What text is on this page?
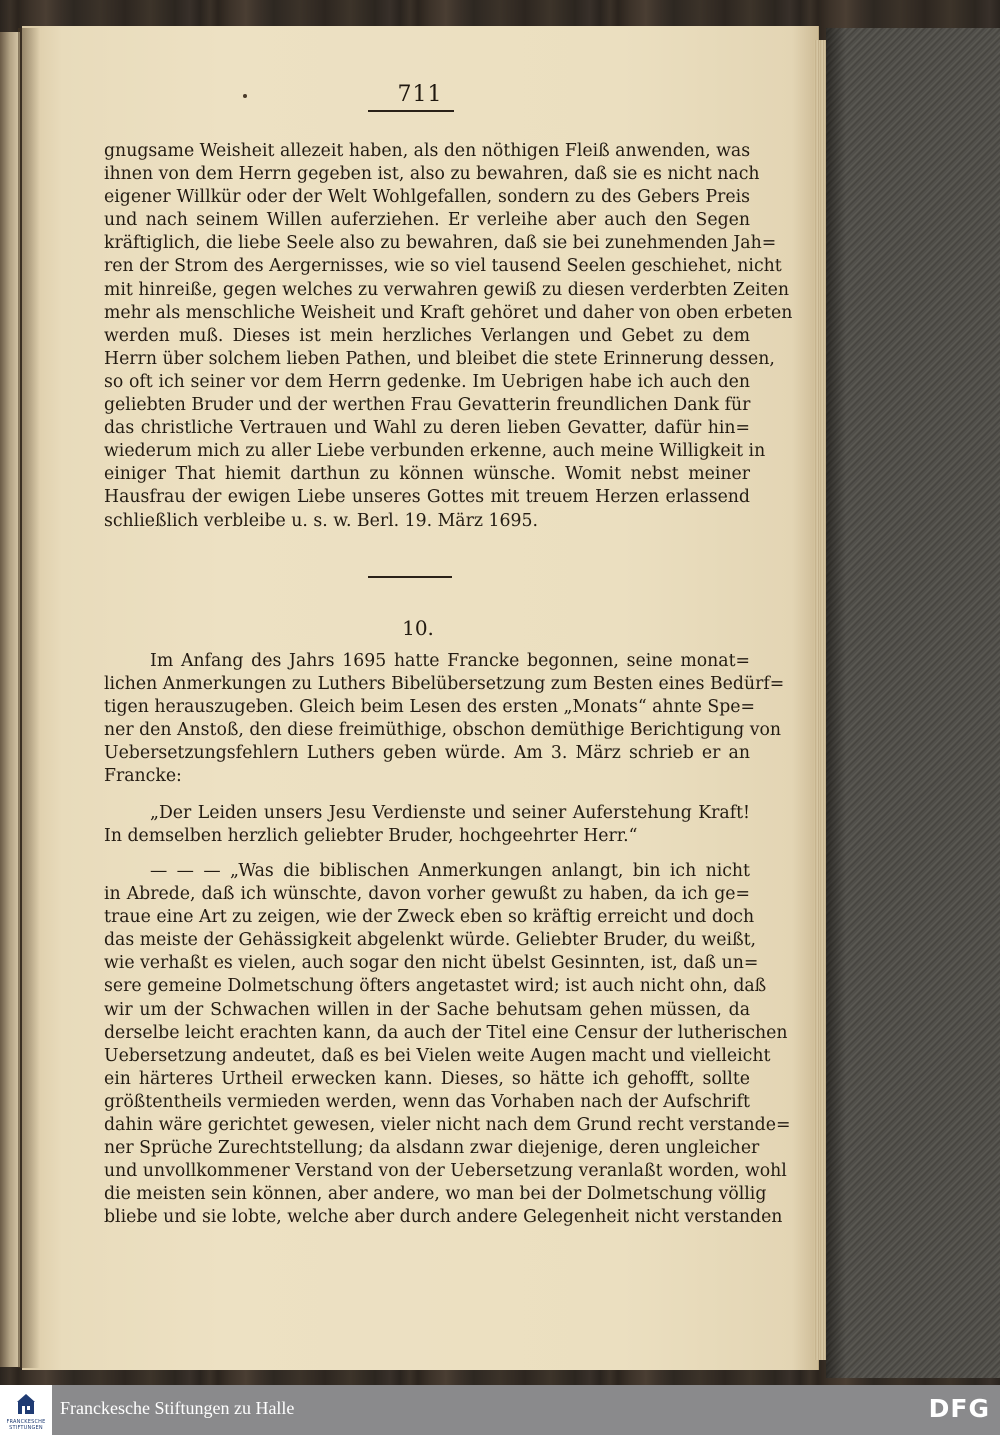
711
gnugsame Weisheit allezeit haben, als den nöthigen Fleiß anwenden, was
ihnen von dem Herrn gegeben ist, also zu bewahren, daß sie es nicht nach
eigener Willkür oder der Welt Wohlgefallen, sondern zu des Gebers Preis
und nach seinem Willen auferziehen. Er verleihe aber auch den Segen
kräftiglich, die liebe Seele also zu bewahren, daß sie bei zunehmenden Jah=
ren der Strom des Aergernisses, wie so viel tausend Seelen geschiehet, nicht
mit hinreiße, gegen welches zu verwahren gewiß zu diesen verderbten Zeiten
mehr als menschliche Weisheit und Kraft gehöret und daher von oben erbeten
werden muß. Dieses ist mein herzliches Verlangen und Gebet zu dem
Herrn über solchem lieben Pathen, und bleibet die stete Erinnerung dessen,
so oft ich seiner vor dem Herrn gedenke. Im Uebrigen habe ich auch den
geliebten Bruder und der werthen Frau Gevatterin freundlichen Dank für
das christliche Vertrauen und Wahl zu deren lieben Gevatter, dafür hin=
wiederum mich zu aller Liebe verbunden erkenne, auch meine Willigkeit in
einiger That hiemit darthun zu können wünsche. Womit nebst meiner
Hausfrau der ewigen Liebe unseres Gottes mit treuem Herzen erlassend
schließlich verbleibe u. s. w. Berl. 19. März 1695.
10.
Im Anfang des Jahrs 1695 hatte Francke begonnen, seine monat=
lichen Anmerkungen zu Luthers Bibelübersetzung zum Besten eines Bedürf=
tigen herauszugeben. Gleich beim Lesen des ersten „Monats“ ahnte Spe=
ner den Anstoß, den diese freimüthige, obschon demüthige Berichtigung von
Uebersetzungsfehlern Luthers geben würde. Am 3. März schrieb er an
Francke:
„Der Leiden unsers Jesu Verdienste und seiner Auferstehung Kraft!
In demselben herzlich geliebter Bruder, hochgeehrter Herr.“
— — — „Was die biblischen Anmerkungen anlangt, bin ich nicht
in Abrede, daß ich wünschte, davon vorher gewußt zu haben, da ich ge=
traue eine Art zu zeigen, wie der Zweck eben so kräftig erreicht und doch
das meiste der Gehässigkeit abgelenkt würde. Geliebter Bruder, du weißt,
wie verhaßt es vielen, auch sogar den nicht übelst Gesinnten, ist, daß un=
sere gemeine Dolmetschung öfters angetastet wird; ist auch nicht ohn, daß
wir um der Schwachen willen in der Sache behutsam gehen müssen, da
derselbe leicht erachten kann, da auch der Titel eine Censur der lutherischen
Uebersetzung andeutet, daß es bei Vielen weite Augen macht und vielleicht
ein härteres Urtheil erwecken kann. Dieses, so hätte ich gehofft, sollte
größtentheils vermieden werden, wenn das Vorhaben nach der Aufschrift
dahin wäre gerichtet gewesen, vieler nicht nach dem Grund recht verstande=
ner Sprüche Zurechtstellung; da alsdann zwar diejenige, deren ungleicher
und unvollkommener Verstand von der Uebersetzung veranlaßt worden, wohl
die meisten sein können, aber andere, wo man bei der Dolmetschung völlig
bliebe und sie lobte, welche aber durch andere Gelegenheit nicht verstanden
FRANCKESCHE STIFTUNGEN
Franckesche Stiftungen zu Halle	DFG
